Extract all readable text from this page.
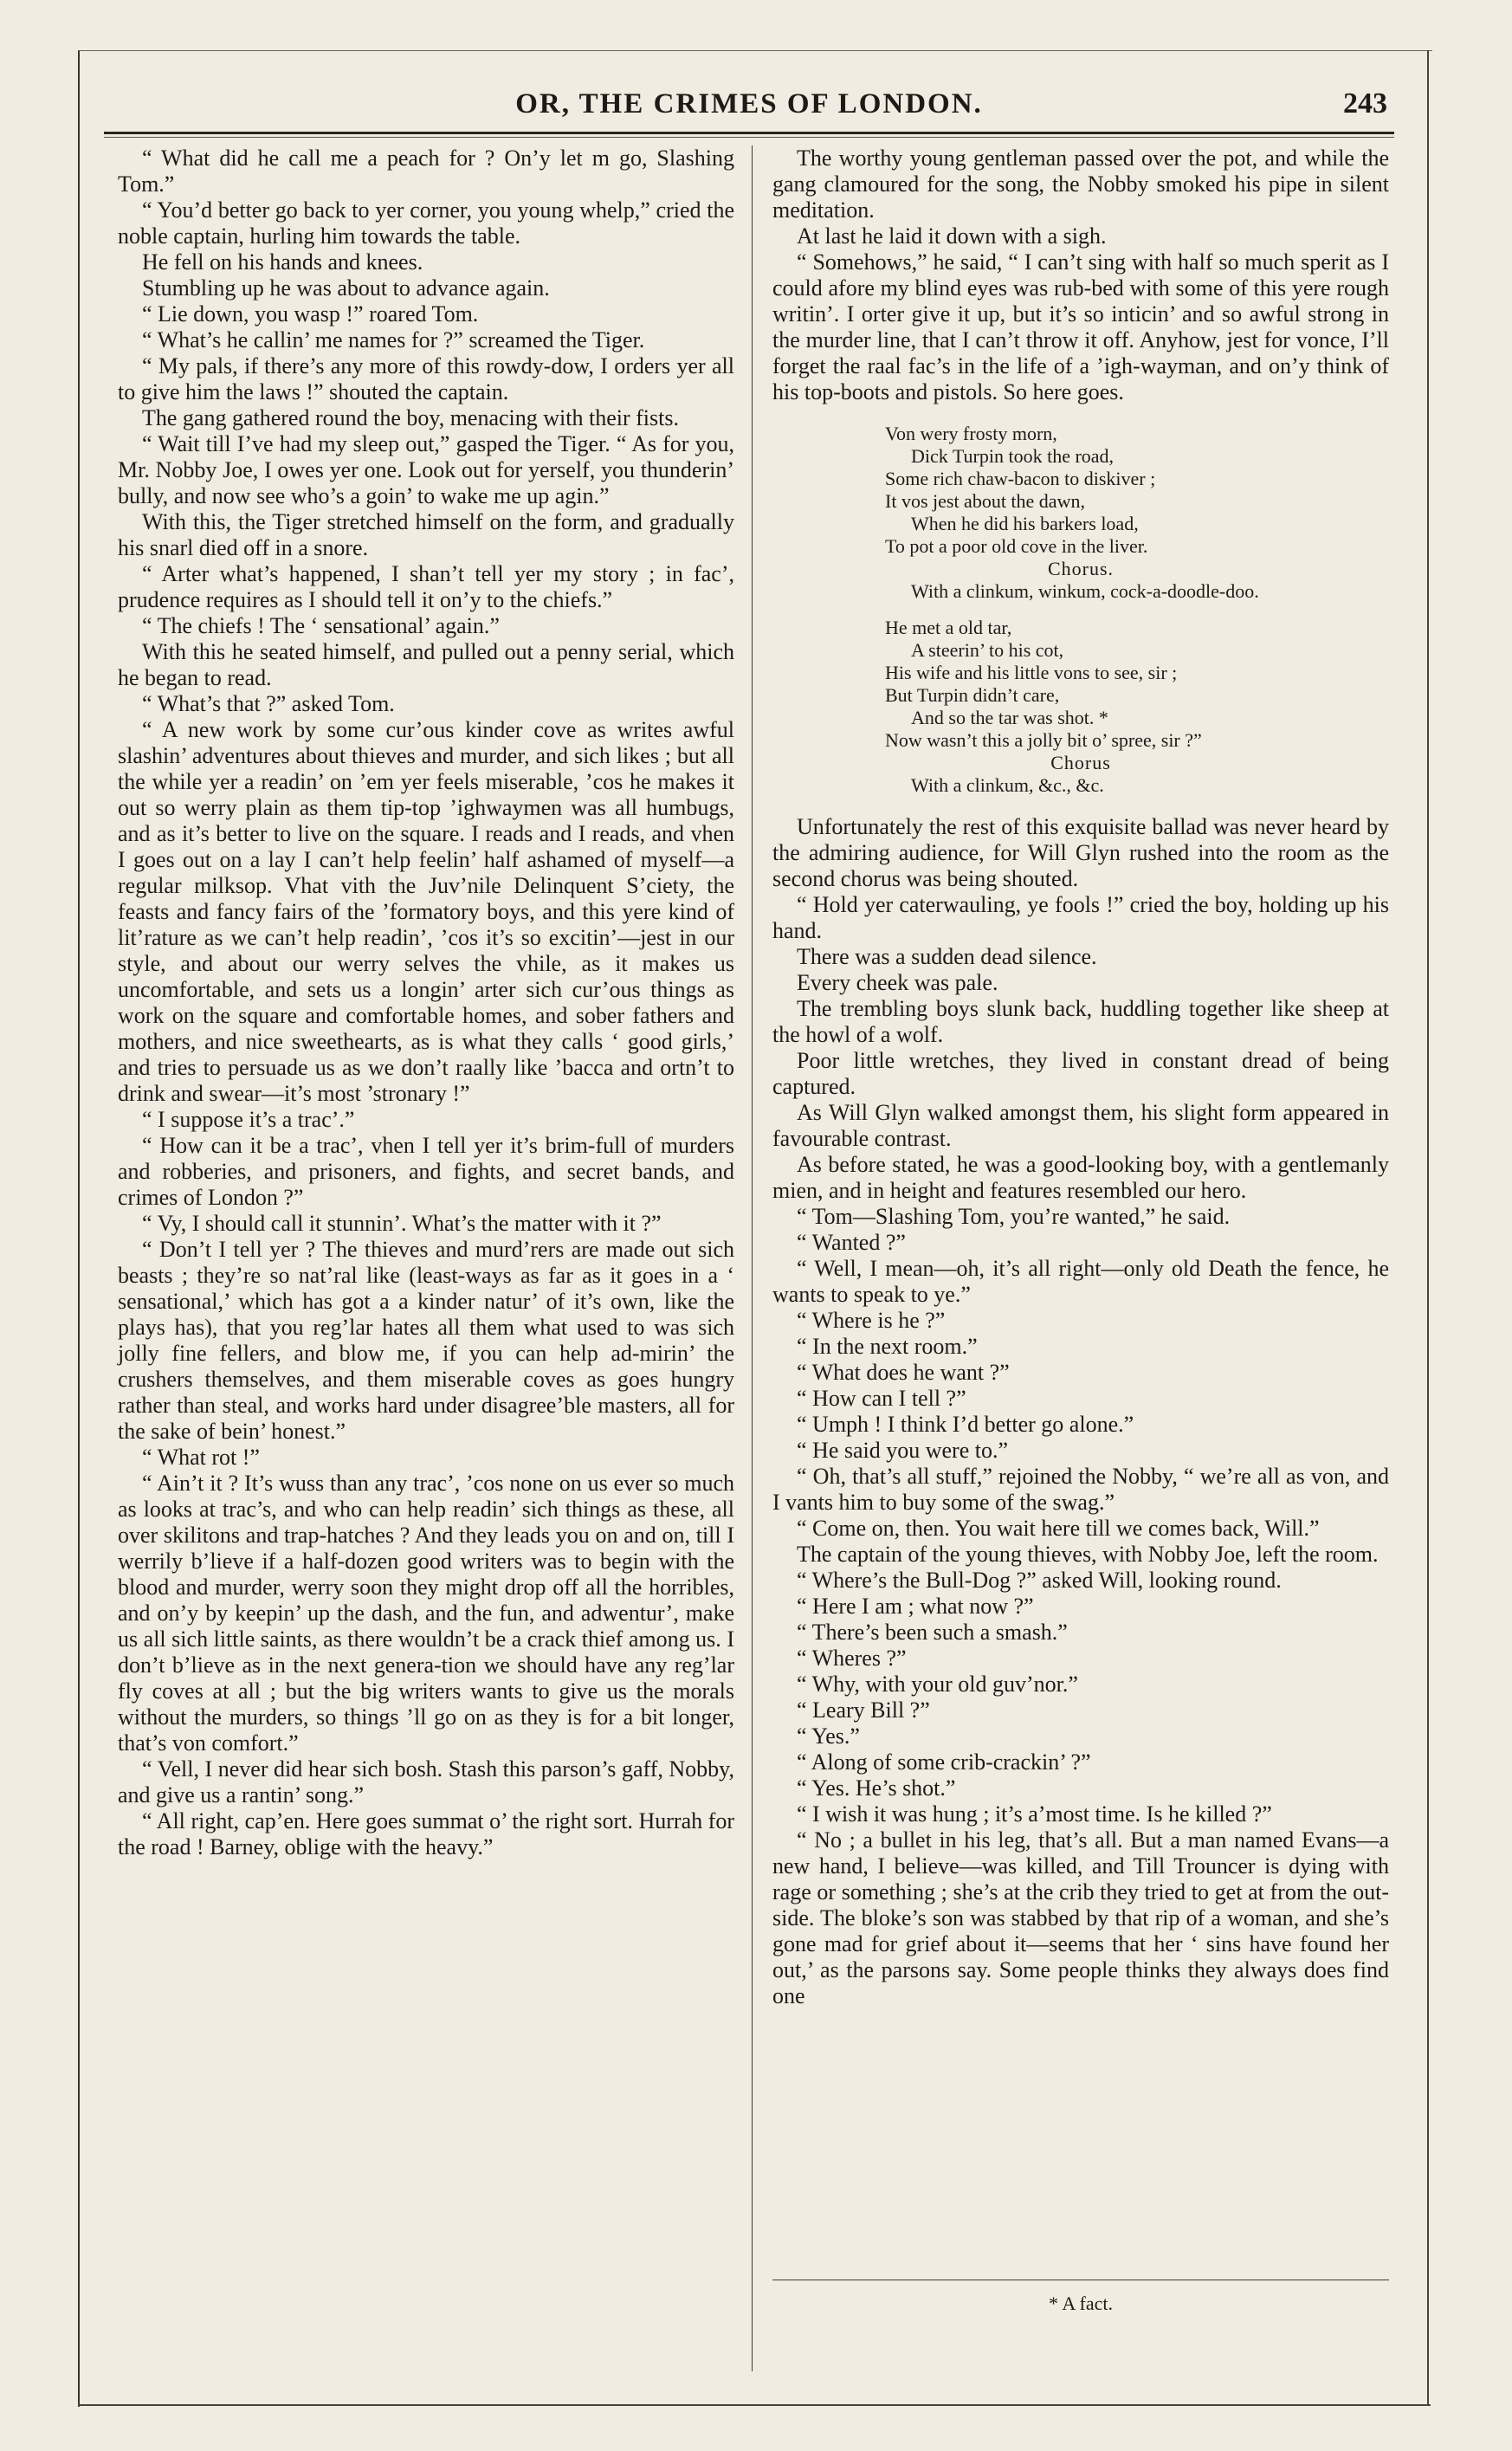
OR, THE CRIMES OF LONDON.	243

“ What did he call me a peach for ? On’y let m go, Slashing Tom.”

“ You’d better go back to yer corner, you young whelp,” cried the noble captain, hurling him towards the table.

He fell on his hands and knees.

Stumbling up he was about to advance again.

“ Lie down, you wasp !” roared Tom.

“ What’s he callin’ me names for ?” screamed the Tiger.

“ My pals, if there’s any more of this rowdy-dow, I orders yer all to give him the laws !” shouted the captain.

The gang gathered round the boy, menacing with their fists.

“ Wait till I’ve had my sleep out,” gasped the Tiger. “ As for you, Mr. Nobby Joe, I owes yer one. Look out for yerself, you thunderin’ bully, and now see who’s a goin’ to wake me up agin.”

With this, the Tiger stretched himself on the form, and gradually his snarl died off in a snore.

“ Arter what’s happened, I shan’t tell yer my story ; in fac’, prudence requires as I should tell it on’y to the chiefs.”

“ The chiefs ! The ‘ sensational’ again.”

With this he seated himself, and pulled out a penny serial, which he began to read.

“ What’s that ?” asked Tom.

“ A new work by some cur’ous kinder cove as writes awful slashin’ adventures about thieves and murder, and sich likes ; but all the while yer a readin’ on ’em yer feels miserable, ’cos he makes it out so werry plain as them tip-top ’ighwaymen was all humbugs, and as it’s better to live on the square. I reads and I reads, and vhen I goes out on a lay I can’t help feelin’ half ashamed of myself—a regular milksop. Vhat vith the Juv’nile Delinquent S’ciety, the feasts and fancy fairs of the ’formatory boys, and this yere kind of lit’rature as we can’t help readin’, ’cos it’s so excitin’—jest in our style, and about our werry selves the vhile, as it makes us uncomfortable, and sets us a longin’ arter sich cur’ous things as work on the square and comfortable homes, and sober fathers and mothers, and nice sweethearts, as is what they calls ‘ good girls,’ and tries to persuade us as we don’t raally like ’bacca and ortn’t to drink and swear—it’s most ’stronary !”

“ I suppose it’s a trac’.”

“ How can it be a trac’, vhen I tell yer it’s brim-full of murders and robberies, and prisoners, and fights, and secret bands, and crimes of London ?”

“ Vy, I should call it stunnin’. What’s the matter with it ?”

“ Don’t I tell yer ? The thieves and murd’rers are made out sich beasts ; they’re so nat’ral like (least-ways as far as it goes in a ‘ sensational,’ which has got a a kinder natur’ of it’s own, like the plays has), that you reg’lar hates all them what used to was sich jolly fine fellers, and blow me, if you can help ad-mirin’ the crushers themselves, and them miserable coves as goes hungry rather than steal, and works hard under disagree’ble masters, all for the sake of bein’ honest.”

“ What rot !”

“ Ain’t it ? It’s wuss than any trac’, ’cos none on us ever so much as looks at trac’s, and who can help readin’ sich things as these, all over skilitons and trap-hatches ? And they leads you on and on, till I werrily b’lieve if a half-dozen good writers was to begin with the blood and murder, werry soon they might drop off all the horribles, and on’y by keepin’ up the dash, and the fun, and adwentur’, make us all sich little saints, as there wouldn’t be a crack thief among us. I don’t b’lieve as in the next genera-tion we should have any reg’lar fly coves at all ; but the big writers wants to give us the morals without the murders, so things ’ll go on as they is for a bit longer, that’s von comfort.”

“ Vell, I never did hear sich bosh. Stash this parson’s gaff, Nobby, and give us a rantin’ song.”

“ All right, cap’en. Here goes summat o’ the right sort. Hurrah for the road ! Barney, oblige with the heavy.”

The worthy young gentleman passed over the pot, and while the gang clamoured for the song, the Nobby smoked his pipe in silent meditation.

At last he laid it down with a sigh.

“ Somehows,” he said, “ I can’t sing with half so much sperit as I could afore my blind eyes was rub-bed with some of this yere rough writin’. I orter give it up, but it’s so inticin’ and so awful strong in the murder line, that I can’t throw it off. Anyhow, jest for vonce, I’ll forget the raal fac’s in the life of a ’igh-wayman, and on’y think of his top-boots and pistols. So here goes.

Von wery frosty morn,
Dick Turpin took the road,
Some rich chaw-bacon to diskiver ;
It vos jest about the dawn,
When he did his barkers load,
To pot a poor old cove in the liver.
Chorus.
With a clinkum, winkum, cock-a-doodle-doo.
He met a old tar,
A steerin’ to his cot,
His wife and his little vons to see, sir ;
But Turpin didn’t care,
And so the tar was shot. *
Now wasn’t this a jolly bit o’ spree, sir ?”
Chorus
With a clinkum, &c., &c.

Unfortunately the rest of this exquisite ballad was never heard by the admiring audience, for Will Glyn rushed into the room as the second chorus was being shouted.

“ Hold yer caterwauling, ye fools !” cried the boy, holding up his hand.

There was a sudden dead silence.

Every cheek was pale.

The trembling boys slunk back, huddling together like sheep at the howl of a wolf.

Poor little wretches, they lived in constant dread of being captured.

As Will Glyn walked amongst them, his slight form appeared in favourable contrast.

As before stated, he was a good-looking boy, with a gentlemanly mien, and in height and features resembled our hero.

“ Tom—Slashing Tom, you’re wanted,” he said.

“ Wanted ?”

“ Well, I mean—oh, it’s all right—only old Death the fence, he wants to speak to ye.”

“ Where is he ?”

“ In the next room.”

“ What does he want ?”

“ How can I tell ?”

“ Umph ! I think I’d better go alone.”

“ He said you were to.”

“ Oh, that’s all stuff,” rejoined the Nobby, “ we’re all as von, and I vants him to buy some of the swag.”

“ Come on, then. You wait here till we comes back, Will.”

The captain of the young thieves, with Nobby Joe, left the room.

“ Where’s the Bull-Dog ?” asked Will, looking round.

“ Here I am ; what now ?”

“ There’s been such a smash.”

“ Wheres ?”

“ Why, with your old guv’nor.”

“ Leary Bill ?”

“ Yes.”

“ Along of some crib-crackin’ ?”

“ Yes. He’s shot.”

“ I wish it was hung ; it’s a’most time. Is he killed ?”

“ No ; a bullet in his leg, that’s all. But a man named Evans—a new hand, I believe—was killed, and Till Trouncer is dying with rage or something ; she’s at the crib they tried to get at from the out-side. The bloke’s son was stabbed by that rip of a woman, and she’s gone mad for grief about it—seems that her ‘ sins have found her out,’ as the parsons say. Some people thinks they always does find one

* A fact.
